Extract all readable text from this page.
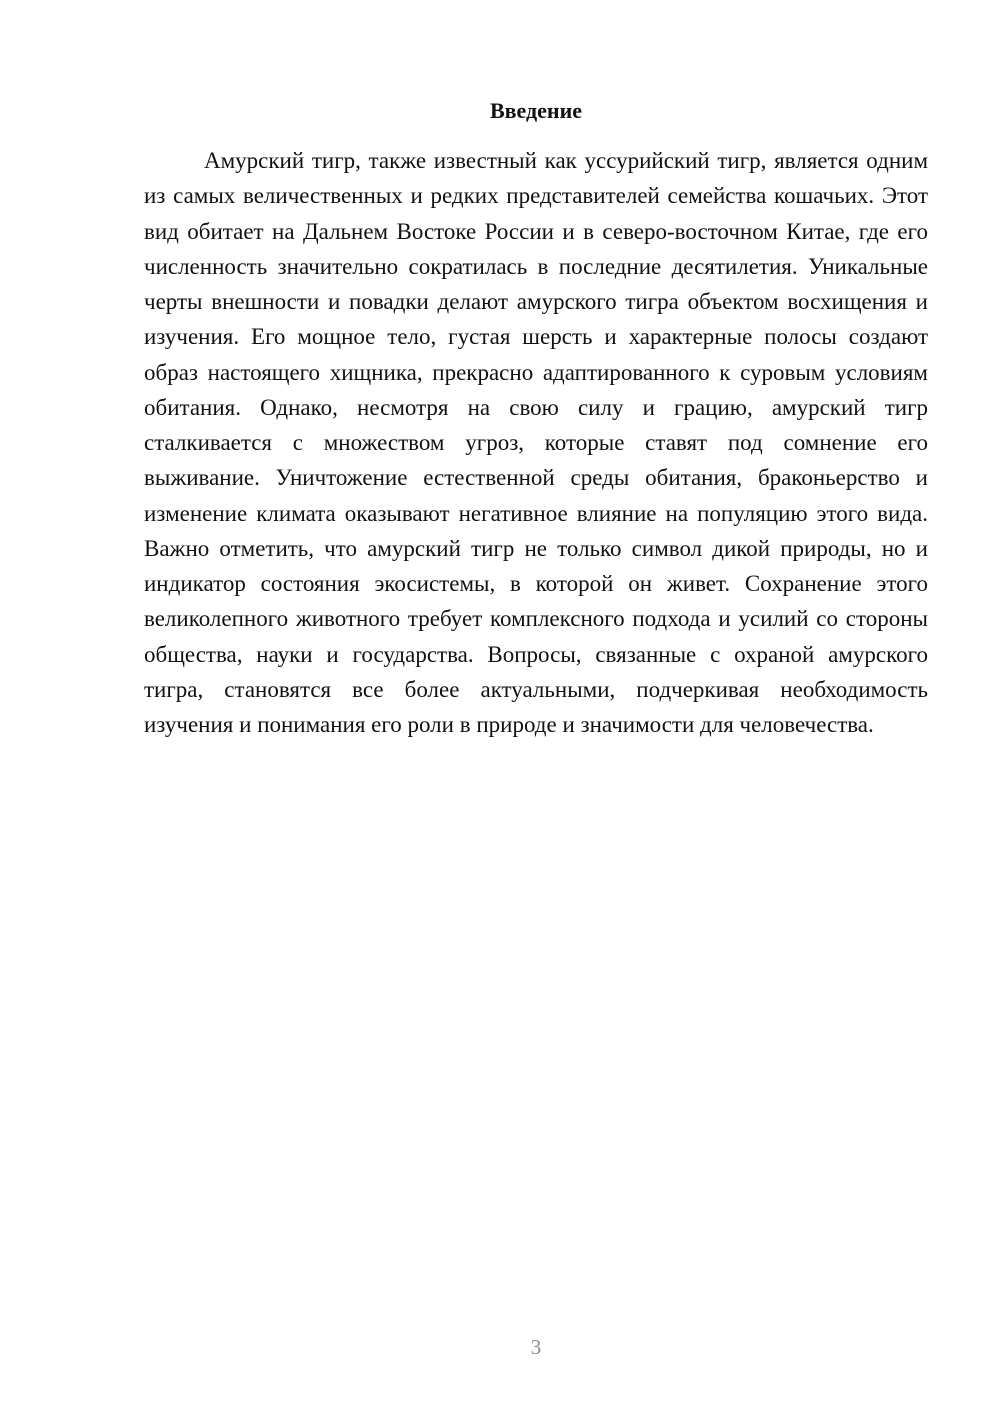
Введение

Амурский тигр, также известный как уссурийский тигр, является одним из самых величественных и редких представителей семейства кошачьих. Этот вид обитает на Дальнем Востоке России и в северо-восточном Китае, где его численность значительно сократилась в последние десятилетия. Уникальные черты внешности и повадки делают амурского тигра объектом восхищения и изучения. Его мощное тело, густая шерсть и характерные полосы создают образ настоящего хищника, прекрасно адаптированного к суровым условиям обитания. Однако, несмотря на свою силу и грацию, амурский тигр сталкивается с множеством угроз, которые ставят под сомнение его выживание. Уничтожение естественной среды обитания, браконьерство и изменение климата оказывают негативное влияние на популяцию этого вида. Важно отметить, что амурский тигр не только символ дикой природы, но и индикатор состояния экосистемы, в которой он живет. Сохранение этого великолепного животного требует комплексного подхода и усилий со стороны общества, науки и государства. Вопросы, связанные с охраной амурского тигра, становятся все более актуальными, подчеркивая необходимость изучения и понимания его роли в природе и значимости для человечества.

3
